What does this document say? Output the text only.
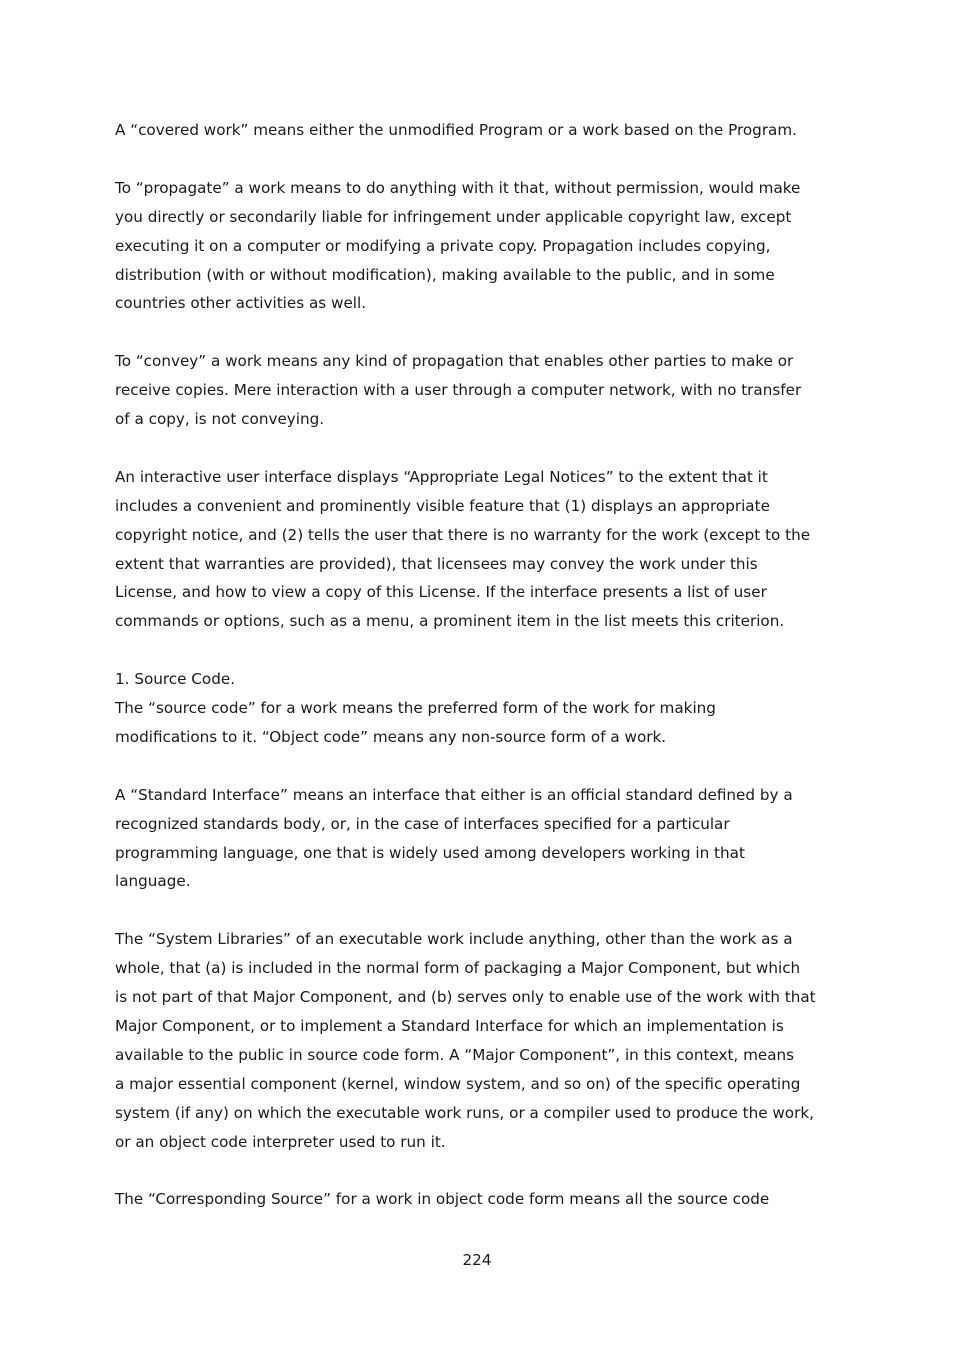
A “covered work” means either the unmodified Program or a work based on the Program.

To “propagate” a work means to do anything with it that, without permission, would make
you directly or secondarily liable for infringement under applicable copyright law, except
executing it on a computer or modifying a private copy. Propagation includes copying,
distribution (with or without modification), making available to the public, and in some
countries other activities as well.

To “convey” a work means any kind of propagation that enables other parties to make or
receive copies. Mere interaction with a user through a computer network, with no transfer
of a copy, is not conveying.

An interactive user interface displays “Appropriate Legal Notices” to the extent that it
includes a convenient and prominently visible feature that (1) displays an appropriate
copyright notice, and (2) tells the user that there is no warranty for the work (except to the
extent that warranties are provided), that licensees may convey the work under this
License, and how to view a copy of this License. If the interface presents a list of user
commands or options, such as a menu, a prominent item in the list meets this criterion.

1. Source Code.
The “source code” for a work means the preferred form of the work for making
modifications to it. “Object code” means any non-source form of a work.

A “Standard Interface” means an interface that either is an official standard defined by a
recognized standards body, or, in the case of interfaces specified for a particular
programming language, one that is widely used among developers working in that
language.

The “System Libraries” of an executable work include anything, other than the work as a
whole, that (a) is included in the normal form of packaging a Major Component, but which
is not part of that Major Component, and (b) serves only to enable use of the work with that
Major Component, or to implement a Standard Interface for which an implementation is
available to the public in source code form. A “Major Component”, in this context, means
a major essential component (kernel, window system, and so on) of the specific operating
system (if any) on which the executable work runs, or a compiler used to produce the work,
or an object code interpreter used to run it.

The “Corresponding Source” for a work in object code form means all the source code

224
